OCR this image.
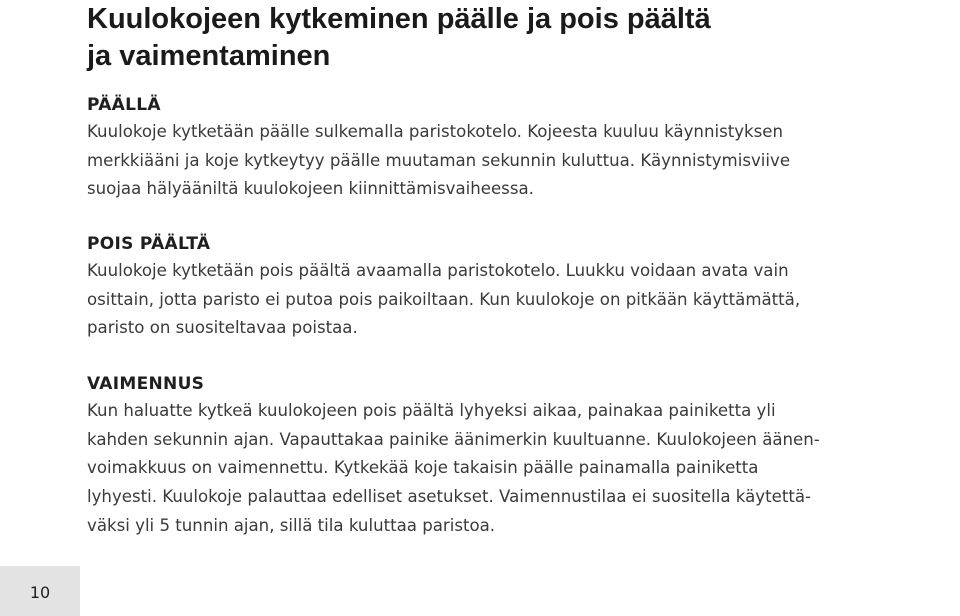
Kuulokojeen kytkeminen päälle ja pois päältä
ja vaimentaminen
PÄÄLLÄ

Kuulokoje kytketään päälle sulkemalla paristokotelo. Kojeesta kuuluu käynnistyksen
merkkiääni ja koje kytkeytyy päälle muutaman sekunnin kuluttua. Käynnistymisviive
suojaa hälyääniltä kuulokojeen kiinnittämisvaiheessa.

POIS PÄÄLTÄ

Kuulokoje kytketään pois päältä avaamalla paristokotelo. Luukku voidaan avata vain
osittain, jotta paristo ei putoa pois paikoiltaan. Kun kuulokoje on pitkään käyttämättä,
paristo on suositeltavaa poistaa.

VAIMENNUS

Kun haluatte kytkeä kuulokojeen pois päältä lyhyeksi aikaa, painakaa painiketta yli
kahden sekunnin ajan. Vapauttakaa painike äänimerkin kuultuanne. Kuulokojeen äänen-
voimakkuus on vaimennettu. Kytkekää koje takaisin päälle painamalla painiketta
lyhyesti. Kuulokoje palauttaa edelliset asetukset. Vaimennustilaa ei suositella käytettä-
väksi yli 5 tunnin ajan, sillä tila kuluttaa paristoa.

10
